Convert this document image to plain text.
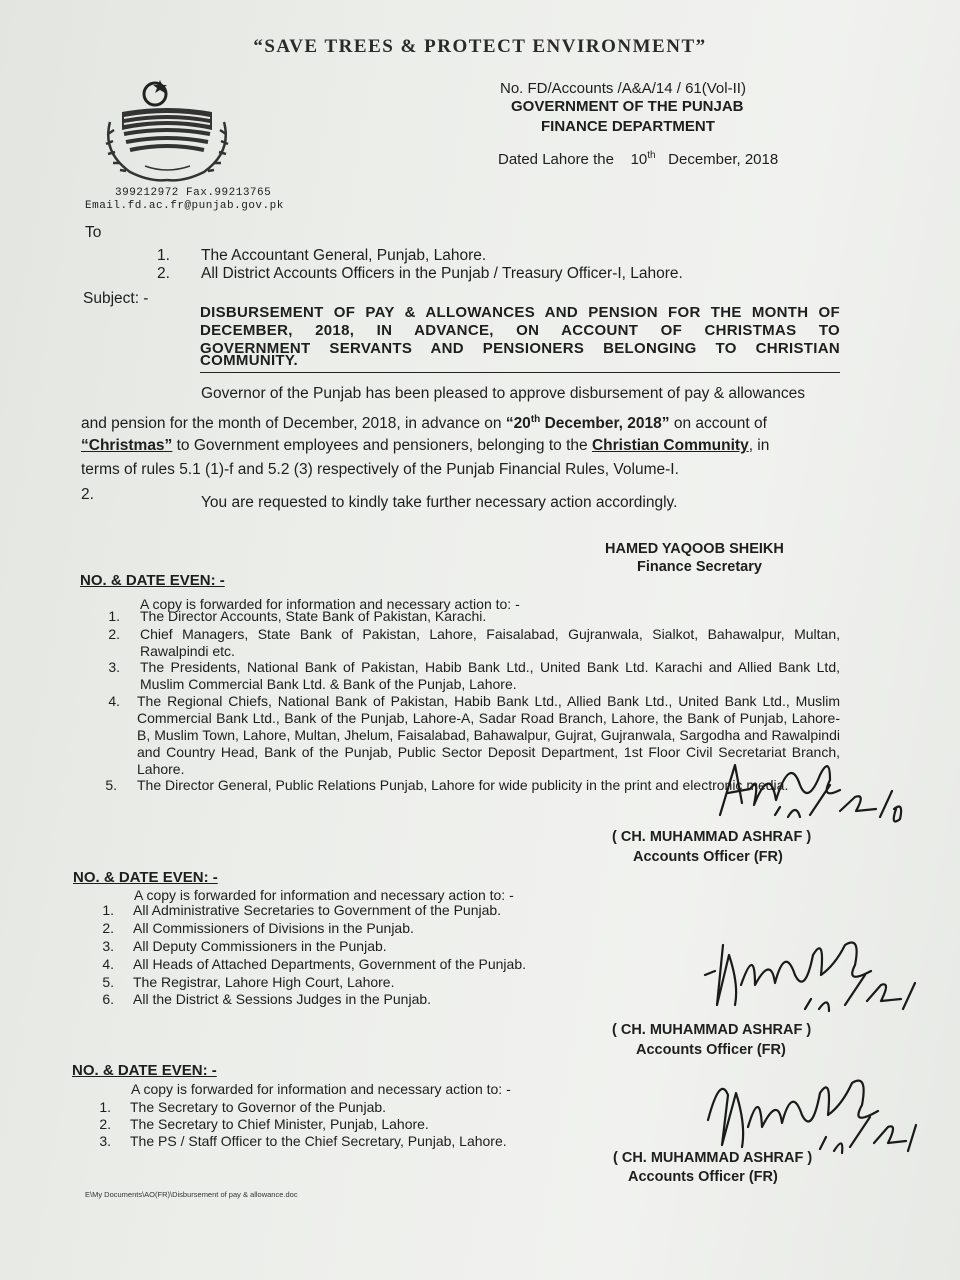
“SAVE TREES & PROTECT ENVIRONMENT”
No. FD/Accounts /A&A/14 / 61(Vol-II)
GOVERNMENT OF THE PUNJAB
FINANCE DEPARTMENT
Dated Lahore the 10th December, 2018
399212972 Fax.99213765
Email.fd.ac.fr@punjab.gov.pk
To
1. The Accountant General, Punjab, Lahore.
2. All District Accounts Officers in the Punjab / Treasury Officer-I, Lahore.
Subject: -
DISBURSEMENT OF PAY & ALLOWANCES AND PENSION FOR THE MONTH OF
DECEMBER, 2018, IN ADVANCE, ON ACCOUNT OF CHRISTMAS TO
GOVERNMENT SERVANTS AND PENSIONERS BELONGING TO CHRISTIAN
COMMUNITY.
Governor of the Punjab has been pleased to approve disbursement of pay & allowances
and pension for the month of December, 2018, in advance on “20th December, 2018” on account of
“Christmas” to Government employees and pensioners, belonging to the Christian Community, in
terms of rules 5.1 (1)-f and 5.2 (3) respectively of the Punjab Financial Rules, Volume-I.
2.	You are requested to kindly take further necessary action accordingly.
HAMED YAQOOB SHEIKH
Finance Secretary
NO. & DATE EVEN: -
A copy is forwarded for information and necessary action to: -
1. The Director Accounts, State Bank of Pakistan, Karachi.
2. Chief Managers, State Bank of Pakistan, Lahore, Faisalabad, Gujranwala, Sialkot, Bahawalpur, Multan, Rawalpindi etc.
3. The Presidents, National Bank of Pakistan, Habib Bank Ltd., United Bank Ltd. Karachi and Allied Bank Ltd, Muslim Commercial Bank Ltd. & Bank of the Punjab, Lahore.
4. The Regional Chiefs, National Bank of Pakistan, Habib Bank Ltd., Allied Bank Ltd., United Bank Ltd., Muslim Commercial Bank Ltd., Bank of the Punjab, Lahore-A, Sadar Road Branch, Lahore, the Bank of Punjab, Lahore-B, Muslim Town, Lahore, Multan, Jhelum, Faisalabad, Bahawalpur, Gujrat, Gujranwala, Sargodha and Rawalpindi and Country Head, Bank of the Punjab, Public Sector Deposit Department, 1st Floor Civil Secretariat Branch, Lahore.
5. The Director General, Public Relations Punjab, Lahore for wide publicity in the print and electronic media.
( CH. MUHAMMAD ASHRAF )
Accounts Officer (FR)
NO. & DATE EVEN: -
A copy is forwarded for information and necessary action to: -
1. All Administrative Secretaries to Government of the Punjab.
2. All Commissioners of Divisions in the Punjab.
3. All Deputy Commissioners in the Punjab.
4. All Heads of Attached Departments, Government of the Punjab.
5. The Registrar, Lahore High Court, Lahore.
6. All the District & Sessions Judges in the Punjab.
( CH. MUHAMMAD ASHRAF )
Accounts Officer (FR)
NO. & DATE EVEN: -
A copy is forwarded for information and necessary action to: -
1. The Secretary to Governor of the Punjab.
2. The Secretary to Chief Minister, Punjab, Lahore.
3. The PS / Staff Officer to the Chief Secretary, Punjab, Lahore.
( CH. MUHAMMAD ASHRAF )
Accounts Officer (FR)
E\My Documents\AO(FR)\Disbursement of pay & allowance.doc
